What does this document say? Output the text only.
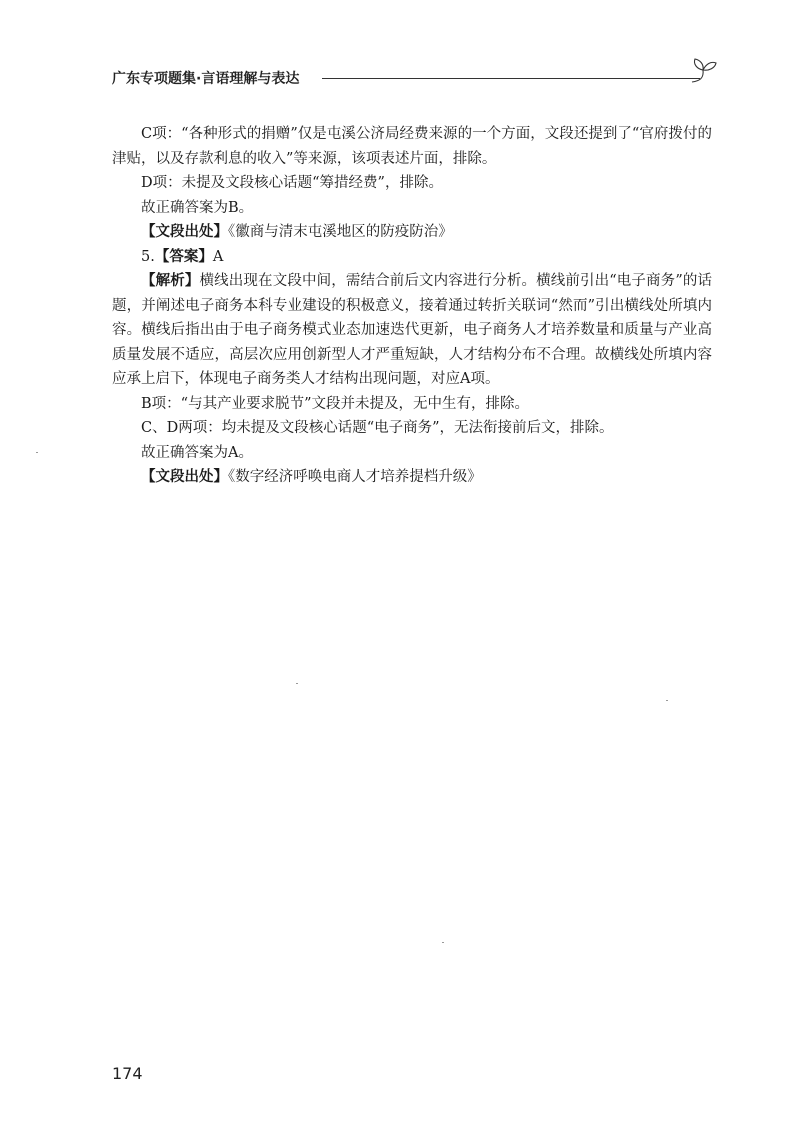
广东专项题集·言语理解与表达

C项：“各种形式的捐赠”仅是屯溪公济局经费来源的一个方面，文段还提到了“官府拨付的津贴，以及存款利息的收入”等来源，该项表述片面，排除。

D项：未提及文段核心话题“筹措经费”，排除。

故正确答案为B。

【文段出处】《徽商与清末屯溪地区的防疫防治》

5.【答案】A

【解析】横线出现在文段中间，需结合前后文内容进行分析。横线前引出“电子商务”的话题，并阐述电子商务本科专业建设的积极意义，接着通过转折关联词“然而”引出横线处所填内容。横线后指出由于电子商务模式业态加速迭代更新，电子商务人才培养数量和质量与产业高质量发展不适应，高层次应用创新型人才严重短缺，人才结构分布不合理。故横线处所填内容应承上启下，体现电子商务类人才结构出现问题，对应A项。

B项：“与其产业要求脱节”文段并未提及，无中生有，排除。

C、D两项：均未提及文段核心话题“电子商务”，无法衔接前后文，排除。

故正确答案为A。

【文段出处】《数字经济呼唤电商人才培养提档升级》

174
